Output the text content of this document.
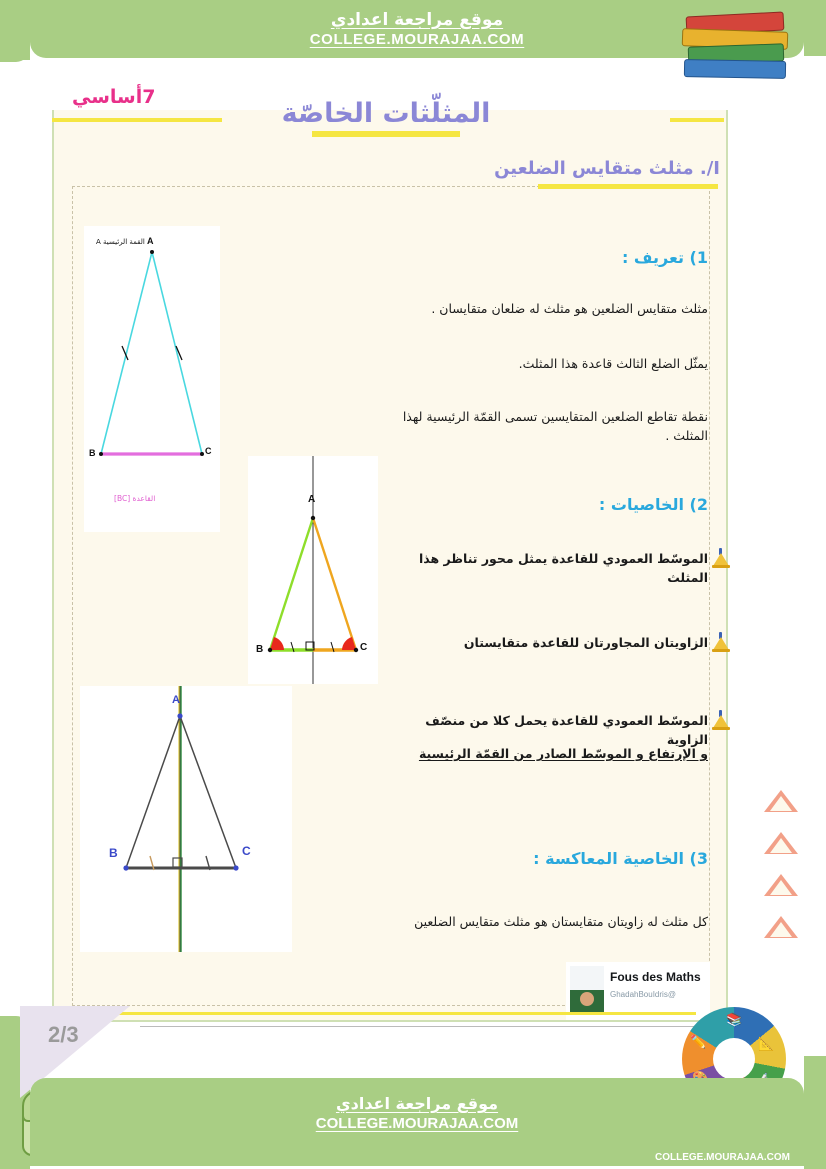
موقع مراجعة اعدادي
COLLEGE.MOURAJAA.COM
7أساسي
المثلّثات الخاصّة
I/. مثلث متقايس الضلعين
1) تعريف :
مثلث متقايس الضلعين هو مثلث له ضلعان متقايسان .
يمثّل الضلع الثالث قاعدة هذا المثلث.
نقطة تقاطع الضلعين المتقايسين تسمى القمّة الرئيسية لهذا المثلث .
2) الخاصيات :
الموسّط العمودي للقاعدة يمثل محور تناظر هذا المثلث
الزاويتان المجاورتان للقاعدة متقايستان
الموسّط العمودي للقاعدة يحمل كلا من منصّف الزاوية
و الإرتفاع و الموسّط الصادر من القمّة الرئيسية
3) الخاصية المعاكسة :
كل مثلث له زاويتان متقايستان هو مثلث متقايس الضلعين
A
B	C
القمة الرئيسية A
القاعدة [BC]	A
B	C
A
B	C
Fous des Maths
@GhadahBouIdris
📚
📐
✏️
2/3
موقع مراجعة اعدادي
COLLEGE.MOURAJAA.COM
COLLEGE.MOURAJAA.COM
